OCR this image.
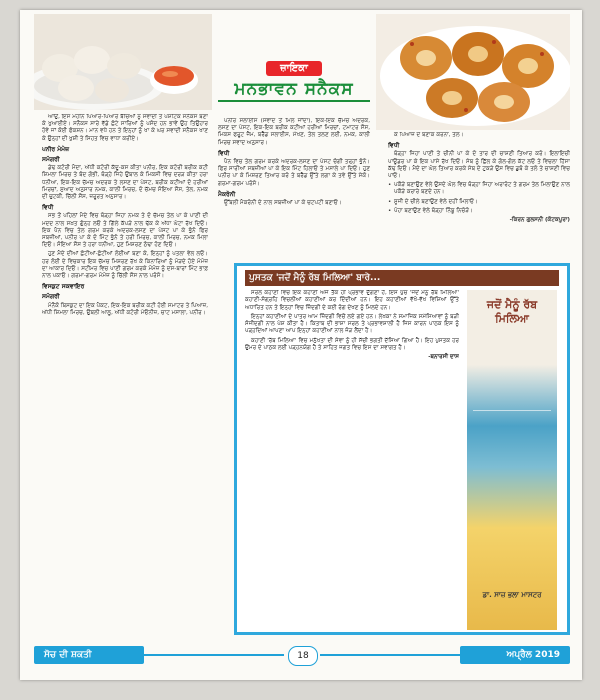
ਜ਼ਾਇਕਾ
ਮਨਭਾਵਨ ਸਨੈਕਸ

ਆਉ, ਇਸ ਮਹੀਨੇ ਪਿਆਰੇ-ਪਿਆਰੇ ਬੱਚਿਆਂ ਨੂੰ ਸਵਾਦੀ ਤੇ ਪੋਸ਼ਟਿਕ ਸਨੈਕਸ ਬਣਾ ਕੇ ਖੁਆਈਏ। ਸਨੈਕਸ ਸਾਰੇ ਵੱਡੇ ਛੋਟੇ ਸਾਰਿਆਂ ਨੂੰ ਪਸੰਦ ਹਨ ਭਾਵੇਂ ਉਹ ਤਿਉਹਾਰ ਹੋਵੇ ਜਾਂ ਕੋਈ ਫੰਕਸ਼ਨ। ਮਾਨ ਵਧੇ ਹਨ ਤੇ ਇਨ੍ਹਾਂ ਨੂੰ ਖਾ ਕੇ ਘਰ ਸਵਾਦੀ ਸਨੈਕਸ ਖਾਣ ਕੇ ਉਨ੍ਹਾਂ ਦੀ ਖੁਸ਼ੀ ਤੇ ਸਿਹਤ ਵਿਚ ਵਾਧਾ ਕਰੀਏ।

ਪਨੀਰ ਮੋਮੋਜ਼

ਸਮੱਗਰੀ

ਡੇਢ ਕਟੋਰੀ ਮੈਦਾ, ਅੱਧੀ ਕਟੋਰੀ ਕੱਦੂ-ਕਸ ਕੀਤਾ ਪਨੀਰ, ਇਕ ਕਟੋਰੀ ਬਰੀਕ ਕਟੀ ਸ਼ਿਮਲਾ ਮਿਰਚ ਤੇ ਬੰਦ ਗੋਭੀ, ਥੋੜ੍ਹੇ ਜਿਹੇ ਉਬਾਲ ਕੇ ਮਿਕਸੀ ਵਿਚ ਦਰੜ ਕੀਤਾ ਹਰਾ ਧਨੀਆ, ਇਕ-ਇਕ ਚੱਮਚ ਅਦਰਕ ਤੇ ਲਸਣ ਦਾ ਪੇਸਟ, ਬਰੀਕ ਕਟੀਆਂ ਦੋ ਹਰੀਆਂ ਮਿਰਚਾਂ, ਸੁਆਦ ਅਨੁਸਾਰ ਨਮਕ, ਕਾਲੀ ਮਿਰਚ, ਦੋ ਚੱਮਚ ਸੋਇਆ ਸੌਸ, ਤੇਲ, ਨਮਕ ਦੀ ਚੁਟਕੀ, ਚਿੱਲੀ ਸੌਸ, ਜ਼ਰੂਰਤ ਅਨੁਸਾਰ।

ਵਿਧੀ

ਸਭ ਤੋਂ ਪਹਿਲਾਂ ਮੈਦੇ ਵਿਚ ਥੋੜ੍ਹਾ ਜਿਹਾ ਨਮਕ ਤੇ ਦੋ ਚੱਮਚ ਤੇਲ ਪਾ ਕੇ ਪਾਣੀ ਦੀ ਮਦਦ ਨਾਲ ਸਖ਼ਤ ਗੁੰਨ੍ਹ ਲਓ ਤੇ ਗਿੱਲੇ ਕੱਪੜੇ ਨਾਲ ਢੱਕ ਕੇ ਅੱਧਾ ਘੰਟਾ ਰੱਖ ਦਿਓ। ਇਕ ਪੈਨ ਵਿਚ ਤੇਲ ਗਰਮ ਕਰਕੇ ਅਦਰਕ-ਲਸਣ ਦਾ ਪੇਸਟ ਪਾ ਕੇ ਭੁੰਨੋ ਫਿਰ ਸਬਜ਼ੀਆਂ, ਪਨੀਰ ਪਾ ਕੇ ਦੋ ਮਿੰਟ ਭੁੰਨੋ ਤੇ ਹਰੀ ਮਿਰਚ, ਕਾਲੀ ਮਿਰਚ, ਨਮਕ ਮਿਲਾ ਦਿਓ। ਸੋਇਆ ਸੌਸ ਤੇ ਹਰਾ ਧਨੀਆ, ਹੁਣ ਮਿਸ਼ਰਣ ਠੰਢਾ ਹੋਣ ਦਿਓ।

ਹੁਣ ਮੈਦੇ ਦੀਆਂ ਛੋਟੀਆਂ-ਛੋਟੀਆਂ ਲੋਈਆਂ ਬਣਾ ਕੇ, ਇਨ੍ਹਾਂ ਨੂੰ ਪਤਲਾ ਵੇਲ ਲਓ। ਹਰ ਲੋਈ ਦੇ ਵਿਚਕਾਰ ਇਕ ਚੱਮਚ ਮਿਸ਼ਰਣ ਰੱਖ ਕੇ ਕਿਨਾਰਿਆਂ ਨੂੰ ਮੋੜਦੇ ਹੋਏ ਮੋਮੋਜ਼ ਦਾ ਆਕਾਰ ਦਿਓ। ਸਟੀਮਰ ਵਿਚ ਪਾਣੀ ਗਰਮ ਕਰਕੇ ਮੋਮੋਜ਼ ਨੂੰ ਦਸ-ਬਾਰਾਂ ਮਿੰਟ ਭਾਫ਼ ਨਾਲ ਪਕਾਓ। ਗਰਮਾ-ਗਰਮ ਮੋਮੋਜ਼ ਨੂੰ ਚਿੱਲੀ ਸੌਸ ਨਾਲ ਪਰੋਸੋ।

ਵਿਸਕੁਟ ਸਕਵਾਇਰ

ਸਮੱਗਰੀ

ਮੋਨੈਕੋ ਬਿਸਕੁਟ ਦਾ ਇਕ ਪੈਕਟ, ਇਕ-ਇਕ ਬਰੀਕ ਕਟੀ ਹੋਈ ਸਮਾਟਰ ਤੇ ਪਿਆਜ਼, ਅੱਧੀ ਸ਼ਿਮਲਾ ਮਿਰਚ, ਉਬਲੀ ਆਲੂ, ਅੱਧੀ ਕਟੋਰੀ ਮੇਓਨੀਜ਼, ਚਾਟ ਮਸਾਲਾ, ਪਨੀਰ।

ਪਨੀਰ ਸਲਾਈਸ (ਸਵਾਦ ਤੋਂ ਮਿਲ ਜਾਂਦਾ), ਇਕ-ਇਕ ਚੱਮਚ ਅਦਰਕ, ਲਸਣ ਦਾ ਪੇਸਟ, ਇਕ-ਇਕ ਬਰੀਕ ਕਟੀਆਂ ਹਰੀਆਂ ਮਿਰਚਾਂ, ਟਮਾਟਰ ਸੌਸ, ਮਿਕਸ ਫਰੂਟ ਜੈਮ, ਬਰੈੱਡ ਸਲਾਈਸ, ਮੱਖਣ, ਤੇਲ ਤਲਣ ਲਈ, ਨਮਕ, ਕਾਲੀ ਮਿਰਚ ਸਵਾਦ ਅਨੁਸਾਰ।

ਵਿਧੀ

ਪੈਨ ਵਿਚ ਤੇਲ ਗਰਮ ਕਰਕੇ ਅਦਰਕ-ਲਸਣ ਦਾ ਪੇਸਟ ਚੰਗੀ ਤਰ੍ਹਾਂ ਭੁੰਨੋ। ਫਿਰ ਸਾਰੀਆਂ ਸਬਜ਼ੀਆਂ ਪਾ ਕੇ ਇਕ ਮਿੰਟ ਹਿਲਾਓ ਤੇ ਮਸਾਲੇ ਪਾ ਦਿਓ। ਹੁਣ ਪਨੀਰ ਪਾ ਕੇ ਮਿਸ਼ਰਣ ਤਿਆਰ ਕਰੋ ਤੇ ਬਰੈੱਡ ਉੱਤੇ ਲਗਾ ਕੇ ਤਵੇ ਉੱਤੇ ਸੇਕੋ। ਗਰਮਾ-ਗਰਮ ਪਰੋਸੋ।

ਮੈਕਰੋਨੀ

ਉੱਬਲੀ ਮੈਕਰੋਨੀ ਦੇ ਨਾਲ ਸਬਜ਼ੀਆਂ ਪਾ ਕੇ ਚਟਪਟੀ ਬਣਾਓ।

ਕੇ ਪਿਆਜ਼ ਦੇ ਬਣਾਕ ਕਰਨਾ, ਤੇਲ।

ਵਿਧੀ

ਥੋੜ੍ਹਾ ਜਿਹਾ ਪਾਣੀ ਤੇ ਚੀਨੀ ਪਾ ਕੇ ਦੋ ਤਾਰ ਦੀ ਚਾਸ਼ਣੀ ਤਿਆਰ ਕਰੋ। ਇਲਾਇਚੀ ਪਾਊਡਰ ਪਾ ਕੇ ਇਕ ਪਾਸੇ ਰੱਖ ਦਿਓ। ਸੇਬ ਨੂੰ ਛਿੱਲ ਕੇ ਗੋਲ-ਗੋਲ ਕੱਟ ਲਓ ਤੇ ਵਿਚਲਾ ਹਿੱਸਾ ਕੱਢ ਦਿਓ। ਮੈਦੇ ਦਾ ਘੋਲ ਤਿਆਰ ਕਰਕੇ ਸੇਬ ਦੇ ਟੁਕੜੇ ਉਸ ਵਿਚ ਡੁਬੋ ਕੇ ਤਲੋ ਤੇ ਚਾਸ਼ਣੀ ਵਿਚ ਪਾਓ।

• ਪਕੌੜੇ ਬਣਾਉਣ ਵੇਲੇ ਉਸਦੇ ਘੋਲ ਵਿਚ ਥੋੜ੍ਹਾ ਜਿਹਾ ਅਰਾਰੋਟ ਤੇ ਗਰਮ ਤੇਲ ਮਿਲਾਉਣ ਨਾਲ ਪਕੌੜੇ ਕਰਾਰੇ ਬਣਦੇ ਹਨ।

• ਸੂਜੀ ਦੇ ਚੀਲੇ ਬਣਾਉਣ ਵੇਲੇ ਦਹੀਂ ਮਿਲਾਓ।

• ਪੋਹਾ ਬਣਾਉਣ ਵੇਲੇ ਥੋੜ੍ਹਾ ਨਿੰਬੂ ਨਿਚੋੜੋ।

-ਕਿਰਨ ਗੁਲਸਨੀ (ਕੋਟਕਪੂਰਾ)

ਪੁਸਤਕ 'ਜਦੋਂ ਮੈਨੂੰ ਰੱਬ ਮਿਲਿਆ' ਬਾਰੇ...

ਸਰਲ ਕਹਾਣੀ ਵਿਚ ਇਕ ਕਹਾਣੀ ਅਜੇ ਤੱਕ ਹੀ ਪ੍ਰਭਾਵ ਦੁੱਗਣਾ ਹੈ, ਇਸ ਪੁੱਚ 'ਜਦੋਂ ਮੈਨੂੰ ਰੱਬ ਮਿਲਿਆ' ਕਹਾਣੀ-ਸੰਗ੍ਰਹਿ ਵਿਚਲੀਆਂ ਕਹਾਣੀਆਂ ਕਰ ਦਿੰਦੀਆਂ ਹਨ। ਇਹ ਕਹਾਣੀਆਂ ਵੱਖੋ-ਵੱਖ ਵਿਸ਼ਿਆਂ ਉੱਤੇ ਅਧਾਰਿਤ ਹਨ ਤੇ ਇਨ੍ਹਾਂ ਵਿਚ ਜ਼ਿੰਦਗੀ ਦੇ ਕਈ ਰੰਗ ਦੇਖਣ ਨੂੰ ਮਿਲਦੇ ਹਨ।

ਇਨ੍ਹਾਂ ਕਹਾਣੀਆਂ ਦੇ ਪਾਤਰ ਆਮ ਜ਼ਿੰਦਗੀ ਵਿਚੋਂ ਲਏ ਗਏ ਹਨ। ਲੇਖਕਾ ਨੇ ਸਮਾਜਿਕ ਸਮੱਸਿਆਵਾਂ ਨੂੰ ਬੜੀ ਸੰਜੀਦਗੀ ਨਾਲ ਪੇਸ਼ ਕੀਤਾ ਹੈ। ਕਿਤਾਬ ਦੀ ਭਾਸ਼ਾ ਸਰਲ ਤੇ ਪ੍ਰਭਾਵਸ਼ਾਲੀ ਹੈ ਜਿਸ ਕਾਰਨ ਪਾਠਕ ਇਸ ਨੂੰ ਪੜ੍ਹਦਿਆਂ ਆਪਣਾ ਆਪ ਇਨ੍ਹਾਂ ਕਹਾਣੀਆਂ ਨਾਲ ਜੋੜ ਲੈਂਦਾ ਹੈ।

ਕਹਾਣੀ 'ਰੱਬ ਮਿਲਿਆ' ਵਿਚ ਮਨੁੱਖਤਾ ਦੀ ਸੇਵਾ ਨੂੰ ਹੀ ਸੱਚੀ ਭਗਤੀ ਦੱਸਿਆ ਗਿਆ ਹੈ। ਇਹ ਪੁਸਤਕ ਹਰ ਉਮਰ ਦੇ ਪਾਠਕ ਲਈ ਪੜ੍ਹਨਯੋਗ ਹੈ ਤੇ ਸਾਹਿਤ ਜਗਤ ਵਿਚ ਇਸ ਦਾ ਸਵਾਗਤ ਹੈ।

-ਬਨਾਰਸੀ ਦਾਸ

ਜਦੋਂ ਮੈਨੂੰ ਰੱਬ ਮਿਲਿਆ
ਡਾ. ਸਾਜ਼ ਭਲਾ ਮਾਸਟਰ
ਸੋਚ ਦੀ ਸ਼ਕਤੀ	18	ਅਪ੍ਰੈਲ 2019
